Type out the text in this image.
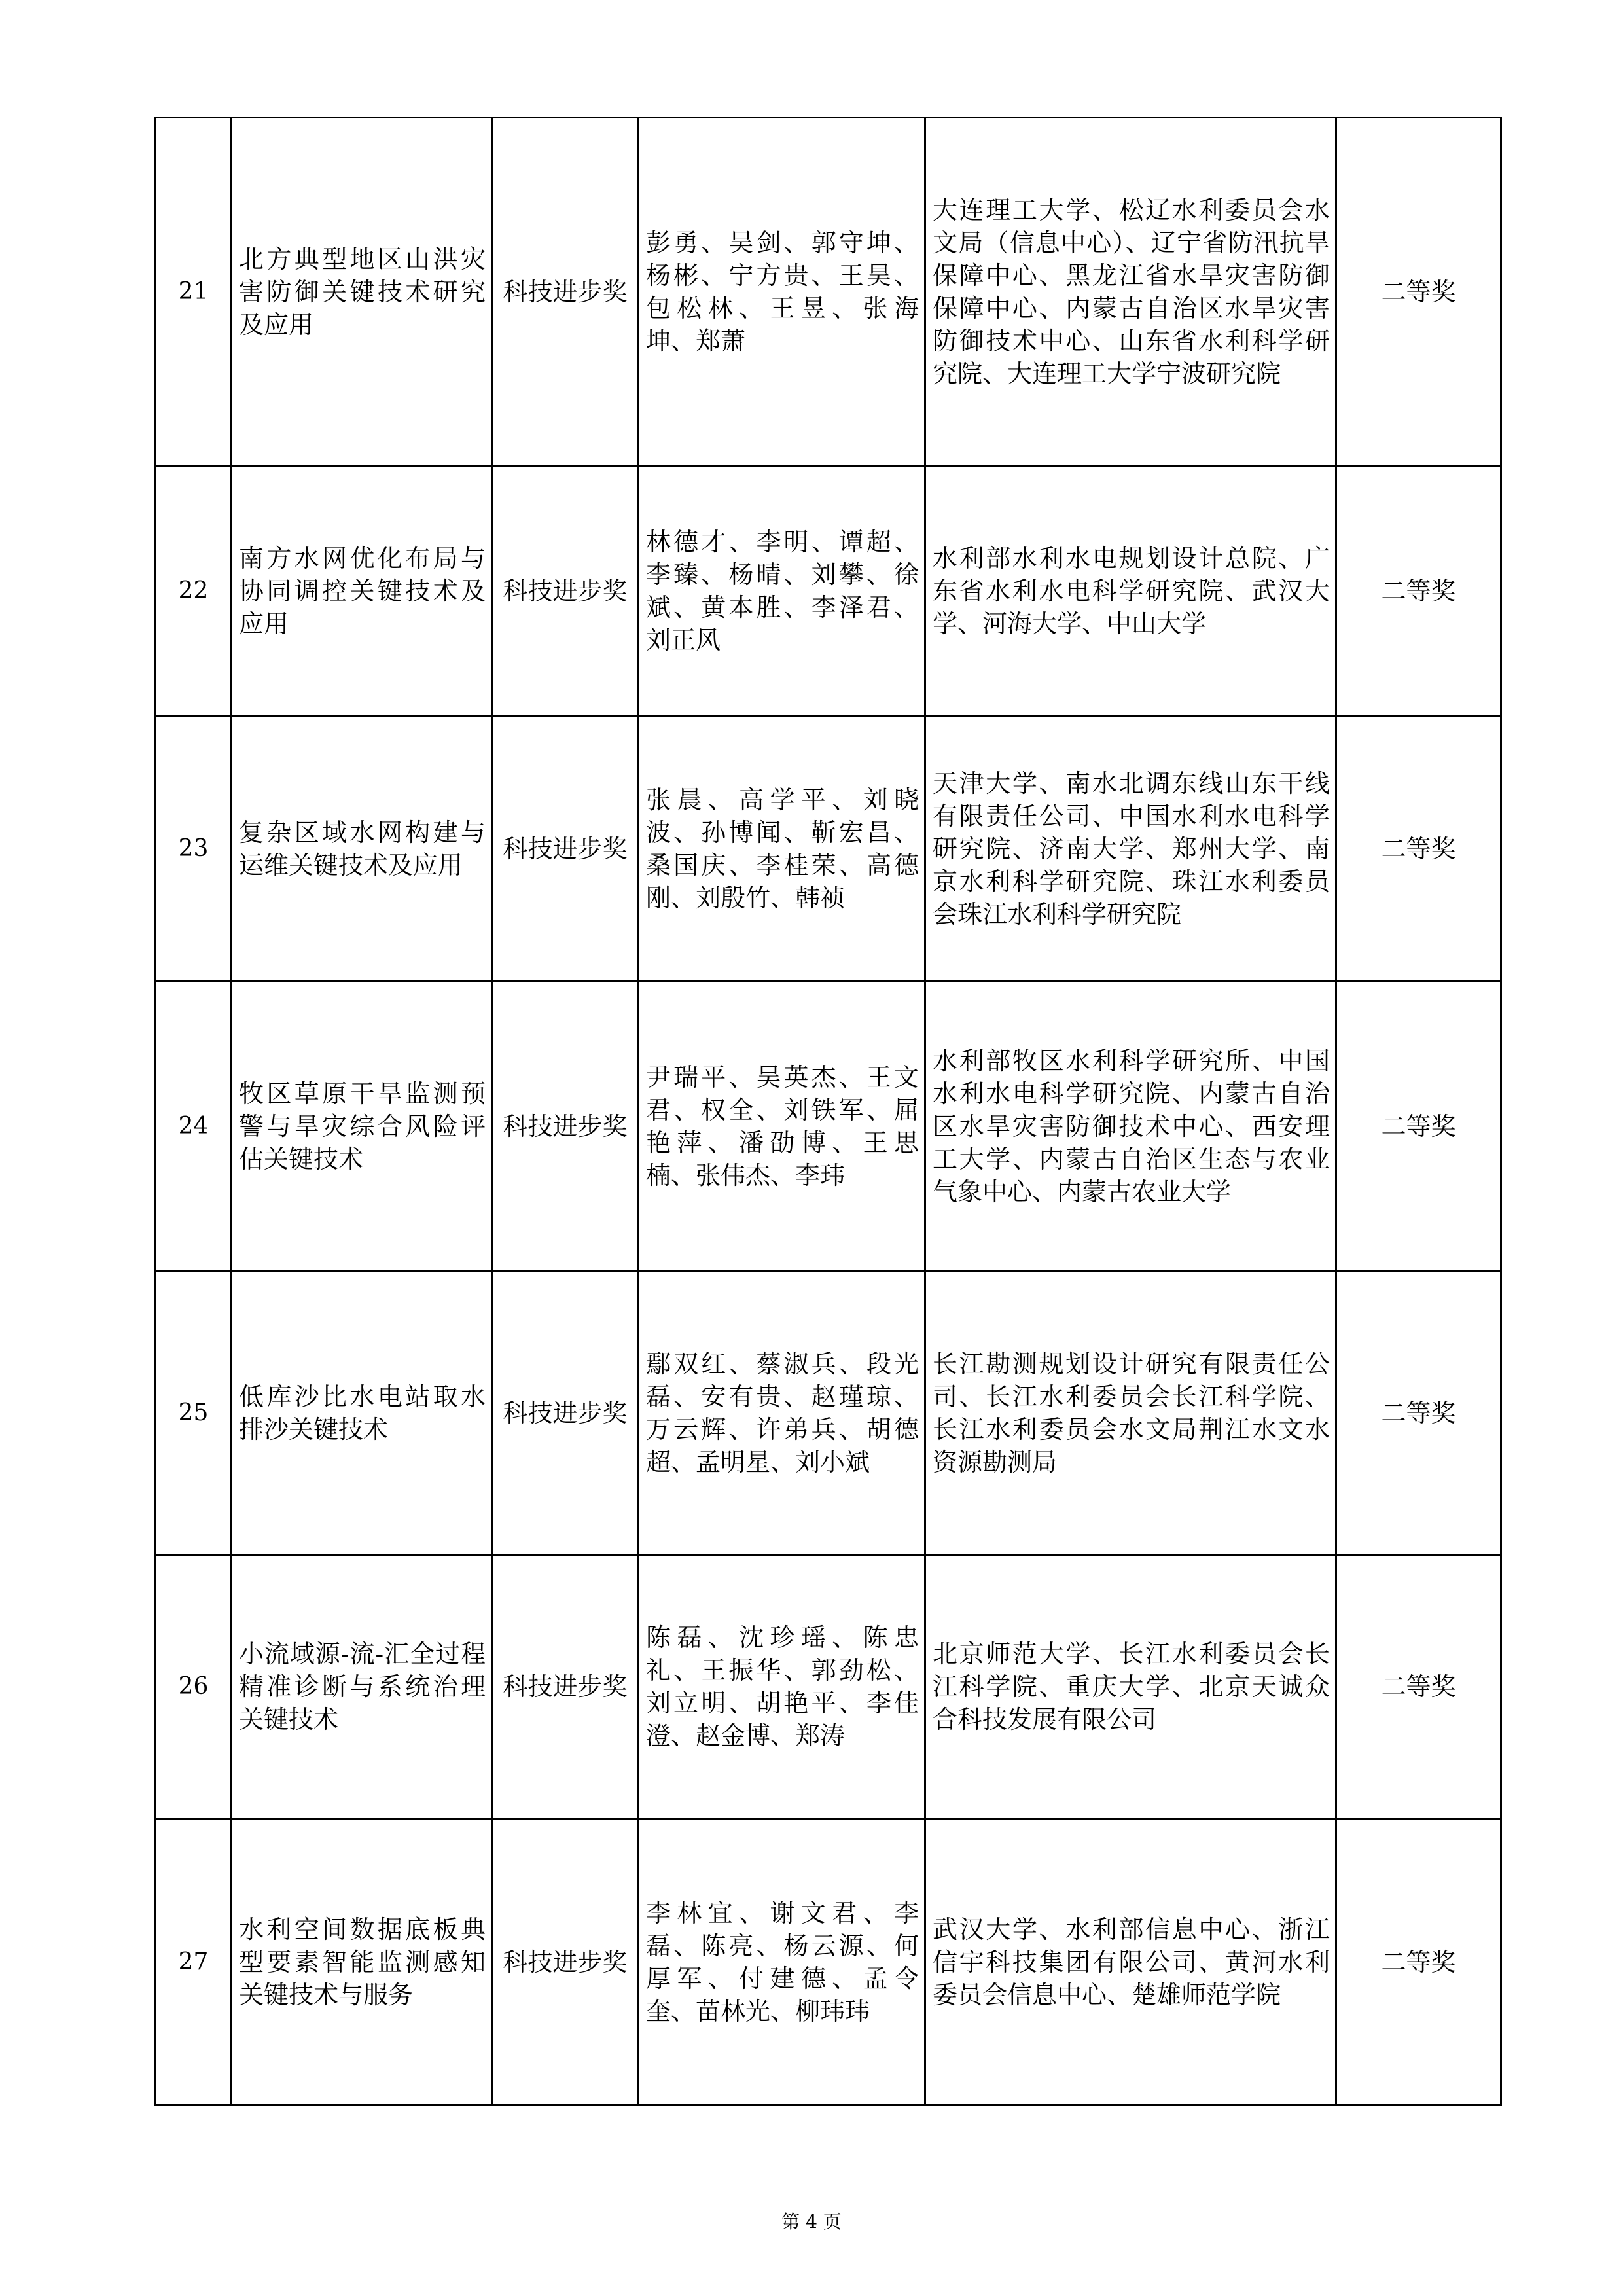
21	北方典型地区山洪灾害防御关键技术研究及应用	科技进步奖	彭勇、吴剑、郭守坤、杨彬、宁方贵、王昊、包松林、王昱、张海坤、郑萧	大连理工大学、松辽水利委员会水文局（信息中心）、辽宁省防汛抗旱保障中心、黑龙江省水旱灾害防御保障中心、内蒙古自治区水旱灾害防御技术中心、山东省水利科学研究院、大连理工大学宁波研究院	二等奖

22	南方水网优化布局与协同调控关键技术及应用	科技进步奖	林德才、李明、谭超、李臻、杨晴、刘攀、徐斌、黄本胜、李泽君、刘正风	水利部水利水电规划设计总院、广东省水利水电科学研究院、武汉大学、河海大学、中山大学	二等奖

23	复杂区域水网构建与运维关键技术及应用	科技进步奖	张晨、高学平、刘晓波、孙博闻、靳宏昌、桑国庆、李桂荣、高德刚、刘殷竹、韩祯	天津大学、南水北调东线山东干线有限责任公司、中国水利水电科学研究院、济南大学、郑州大学、南京水利科学研究院、珠江水利委员会珠江水利科学研究院	二等奖

24	牧区草原干旱监测预警与旱灾综合风险评估关键技术	科技进步奖	尹瑞平、吴英杰、王文君、权全、刘铁军、屈艳萍、潘劭博、王思楠、张伟杰、李玮	水利部牧区水利科学研究所、中国水利水电科学研究院、内蒙古自治区水旱灾害防御技术中心、西安理工大学、内蒙古自治区生态与农业气象中心、内蒙古农业大学	二等奖

25	低库沙比水电站取水排沙关键技术	科技进步奖	鄢双红、蔡淑兵、段光磊、安有贵、赵瑾琼、万云辉、许弟兵、胡德超、孟明星、刘小斌	长江勘测规划设计研究有限责任公司、长江水利委员会长江科学院、长江水利委员会水文局荆江水文水资源勘测局	二等奖

26	小流域源-流-汇全过程精准诊断与系统治理关键技术	科技进步奖	陈磊、沈珍瑶、陈忠礼、王振华、郭劲松、刘立明、胡艳平、李佳澄、赵金博、郑涛	北京师范大学、长江水利委员会长江科学院、重庆大学、北京天诚众合科技发展有限公司	二等奖

27	水利空间数据底板典型要素智能监测感知关键技术与服务	科技进步奖	李林宜、谢文君、李磊、陈亮、杨云源、何厚军、付建德、孟令奎、苗林光、柳玮玮	武汉大学、水利部信息中心、浙江信宇科技集团有限公司、黄河水利委员会信息中心、楚雄师范学院	二等奖
第 4 页
